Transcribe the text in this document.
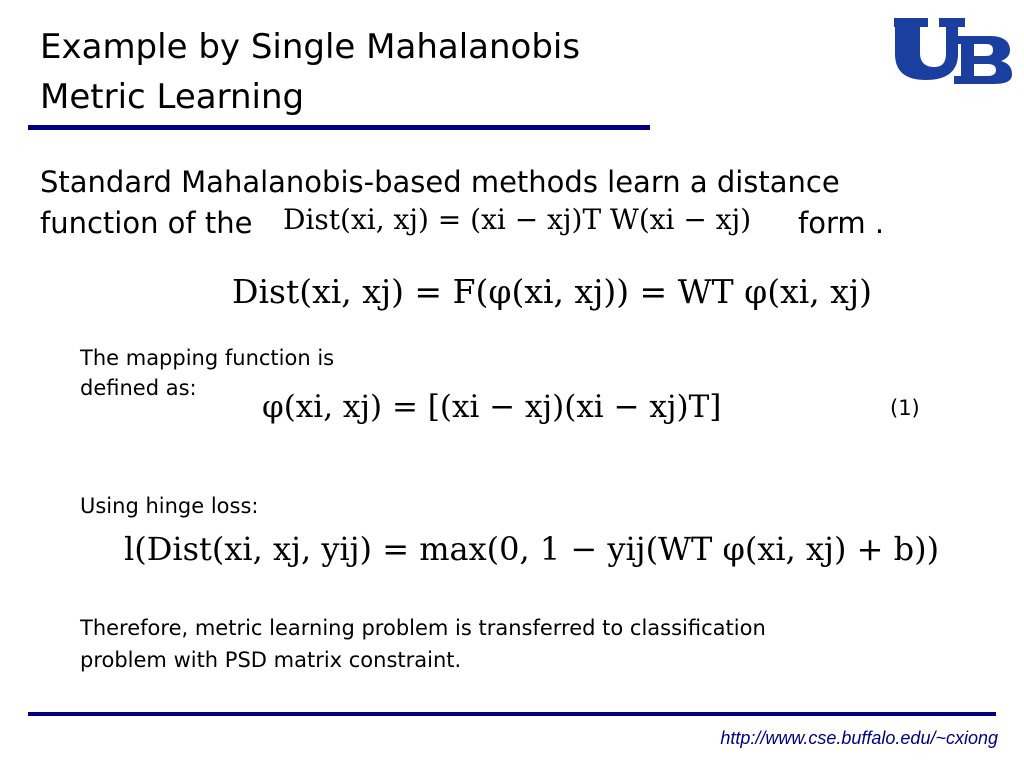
Example by Single Mahalanobis
Metric Learning
UB
Standard Mahalanobis-based methods learn a distance
function of the Dist(xi, xj) = (xi − xj)T W(xi − xj) form .
Dist(xi, xj) = F(φ(xi, xj)) = WT φ(xi, xj)
The mapping function is
defined as:
φ(xi, xj) = [(xi − xj)(xi − xj)T]	(1)
Using hinge loss:
l(Dist(xi, xj, yij) = max(0, 1 − yij(WT φ(xi, xj) + b))
Therefore, metric learning problem is transferred to classification
problem with PSD matrix constraint.
http://www.cse.buffalo.edu/~cxiong
